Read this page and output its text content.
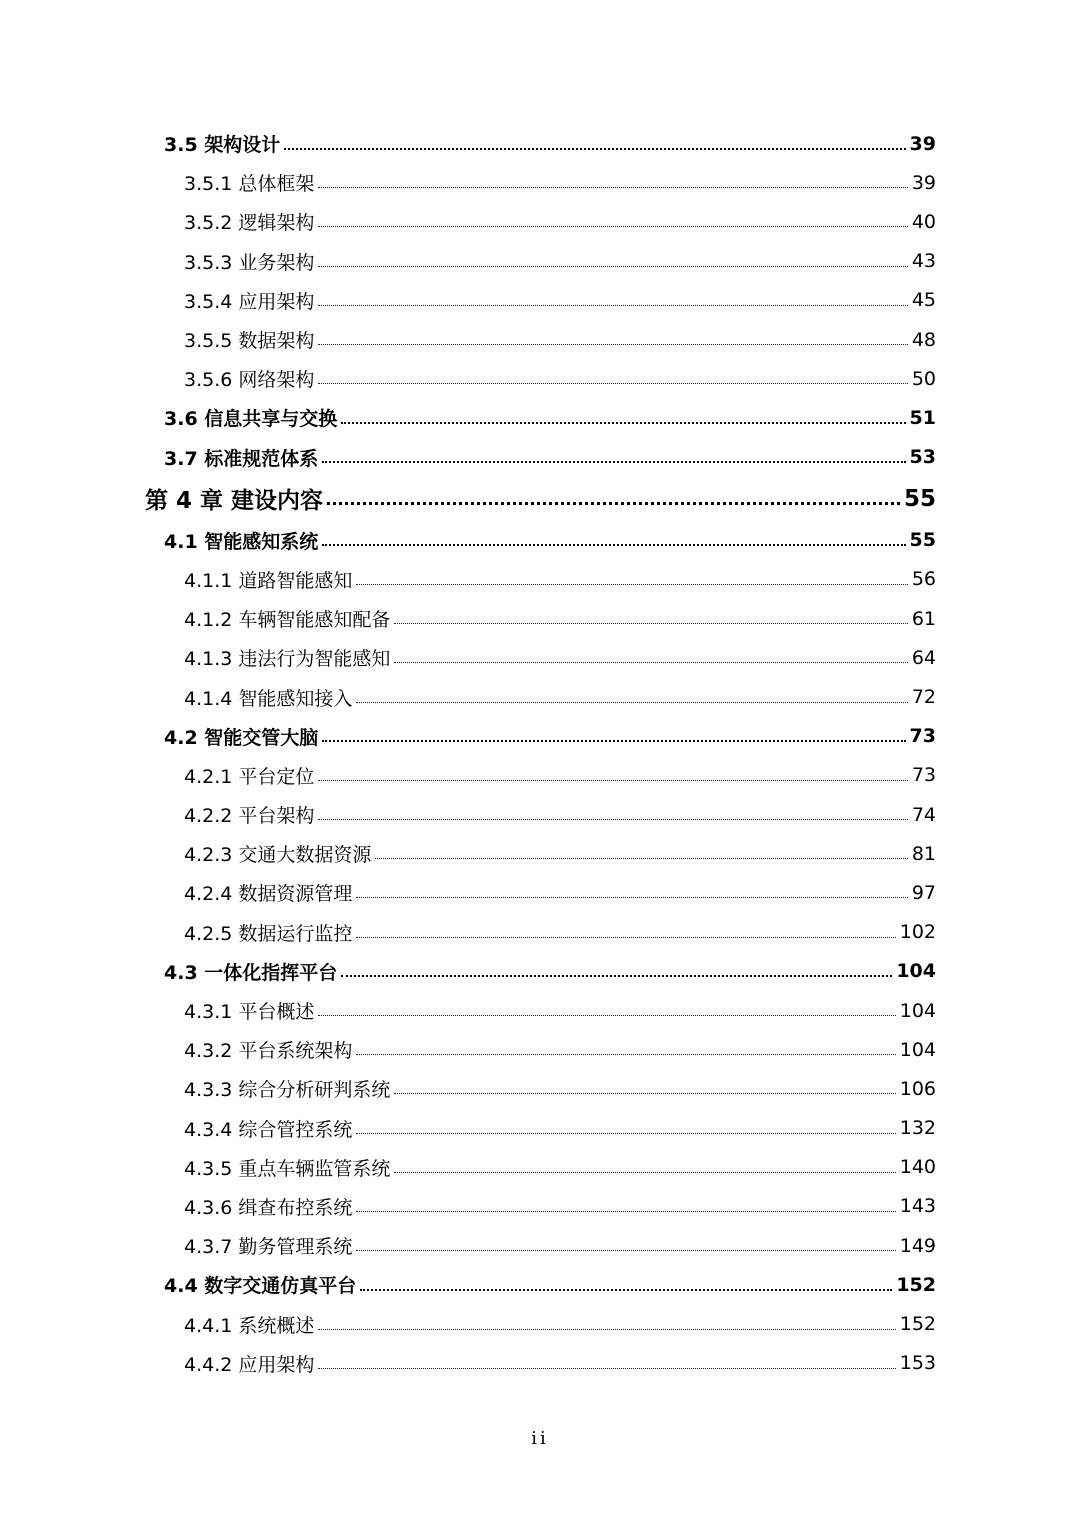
3.5 架构设计	39
3.5.1 总体框架	39
3.5.2 逻辑架构	40
3.5.3 业务架构	43
3.5.4 应用架构	45
3.5.5 数据架构	48
3.5.6 网络架构	50
3.6 信息共享与交换	51
3.7 标准规范体系	53
第 4 章 建设内容	55
4.1 智能感知系统	55
4.1.1 道路智能感知	56
4.1.2 车辆智能感知配备	61
4.1.3 违法行为智能感知	64
4.1.4 智能感知接入	72
4.2 智能交管大脑	73
4.2.1 平台定位	73
4.2.2 平台架构	74
4.2.3 交通大数据资源	81
4.2.4 数据资源管理	97
4.2.5 数据运行监控	102
4.3 一体化指挥平台	104
4.3.1 平台概述	104
4.3.2 平台系统架构	104
4.3.3 综合分析研判系统	106
4.3.4 综合管控系统	132
4.3.5 重点车辆监管系统	140
4.3.6 缉查布控系统	143
4.3.7 勤务管理系统	149
4.4 数字交通仿真平台	152
4.4.1 系统概述	152
4.4.2 应用架构	153
ii
